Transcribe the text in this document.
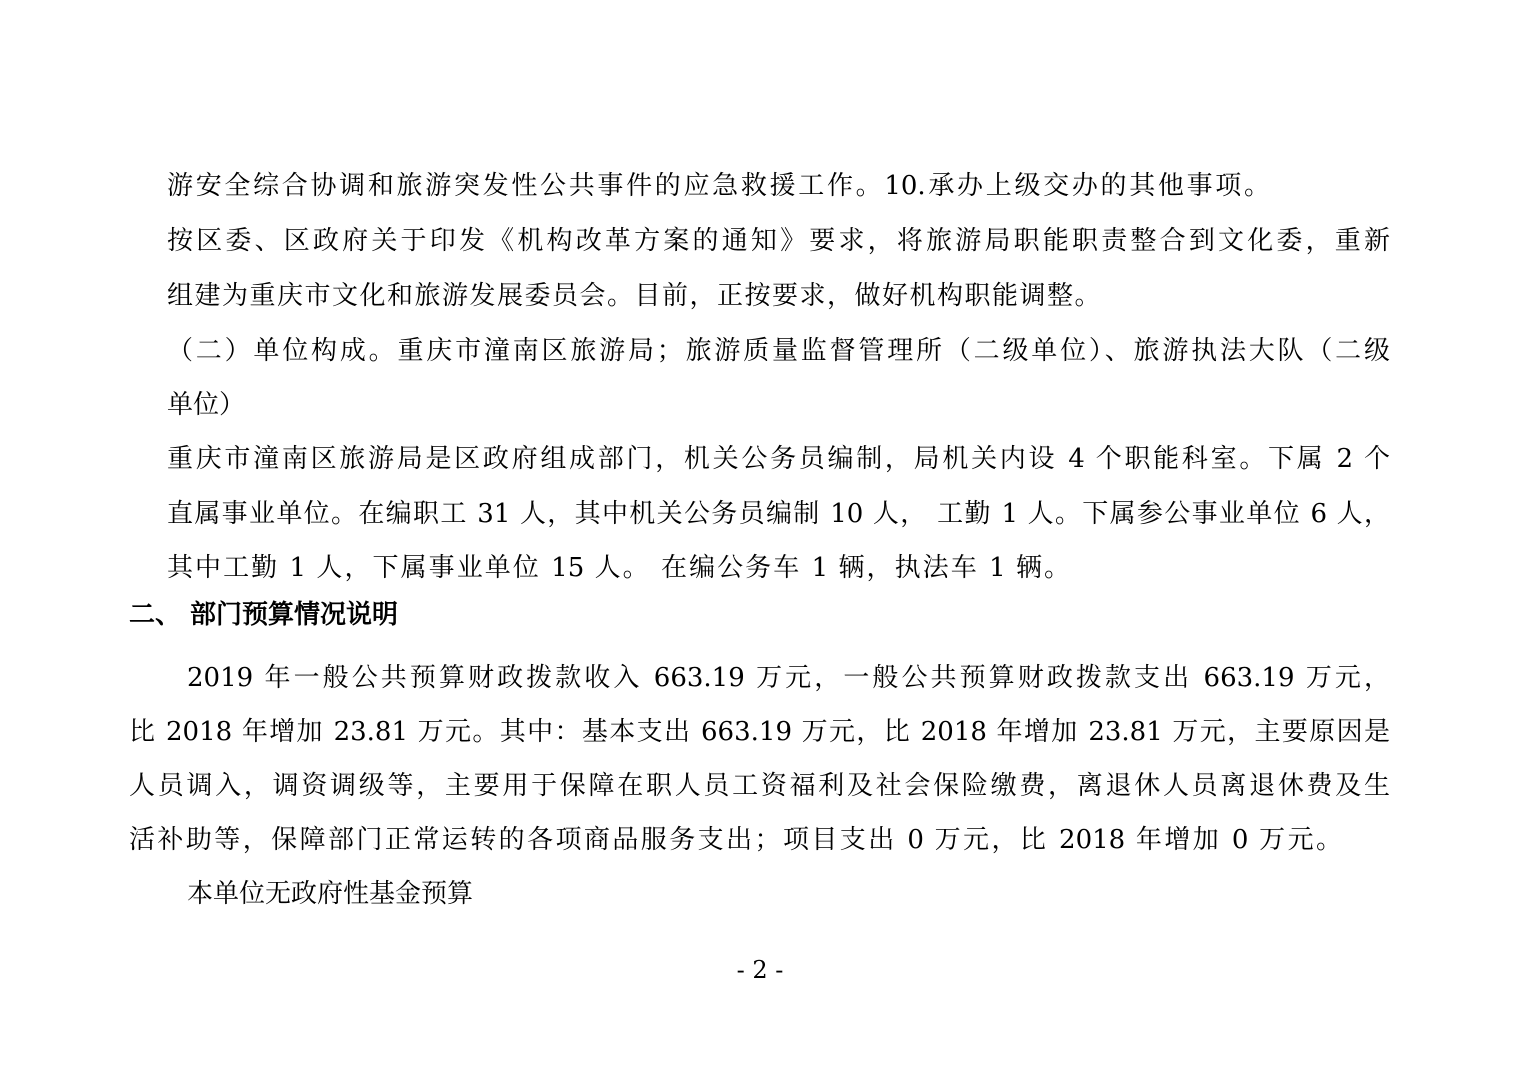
游安全综合协调和旅游突发性公共事件的应急救援工作。10.承办上级交办的其他事项。
按区委、区政府关于印发《机构改革方案的通知》要求，将旅游局职能职责整合到文化委，重新
组建为重庆市文化和旅游发展委员会。目前，正按要求，做好机构职能调整。
（二）单位构成。重庆市潼南区旅游局；旅游质量监督管理所（二级单位）、旅游执法大队（二级
单位）
重庆市潼南区旅游局是区政府组成部门，机关公务员编制，局机关内设 4 个职能科室。下属 2 个
直属事业单位。在编职工 31 人，其中机关公务员编制 10 人， 工勤 1 人。下属参公事业单位 6 人，
其中工勤 1 人，下属事业单位 15 人。 在编公务车 1 辆，执法车 1 辆。
二、 部门预算情况说明
2019 年一般公共预算财政拨款收入 663.19 万元，一般公共预算财政拨款支出 663.19 万元，
比 2018 年增加 23.81 万元。其中：基本支出 663.19 万元，比 2018 年增加 23.81 万元，主要原因是
人员调入，调资调级等，主要用于保障在职人员工资福利及社会保险缴费，离退休人员离退休费及生
活补助等，保障部门正常运转的各项商品服务支出；项目支出 0 万元，比 2018 年增加 0 万元。
本单位无政府性基金预算
- 2 -
